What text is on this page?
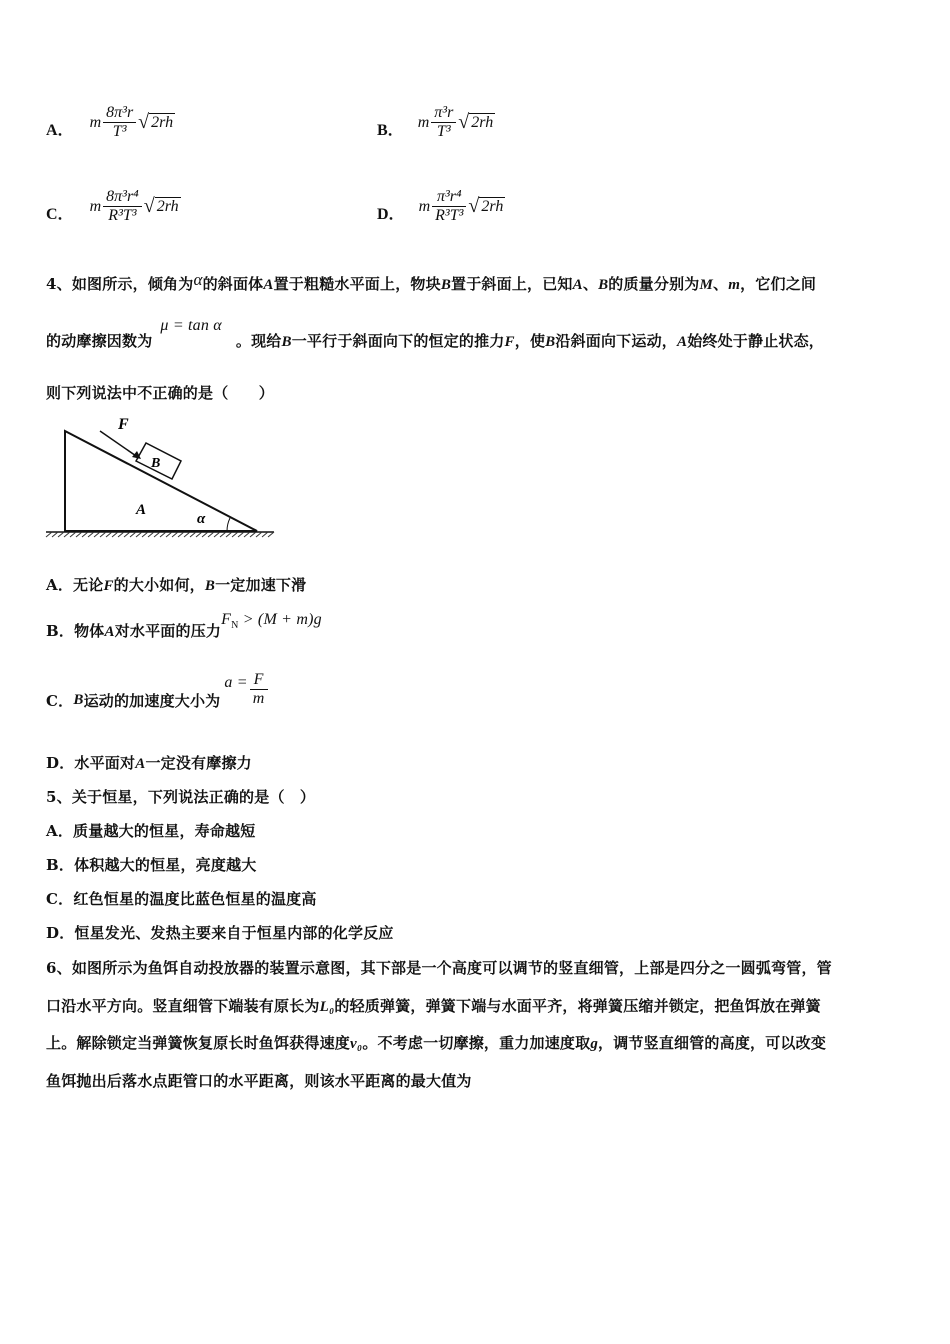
A． m $\frac{\text{8π³r}}{\text{T³}}$ √ 2rh	B． m $\frac{\text{π³r}}{\text{T³}}$ √ 2rh
C． m $\frac{\text{8π³r⁴}}{\text{R³T³}}$ √ 2rh	D． m $\frac{\text{π³r⁴}}{\text{R³T³}}$ √ 2rh
4、如图所示，倾角为α的斜面体A置于粗糙水平面上，物块B置于斜面上，已知A、B的质量分别为M、m，它们之间
的动摩擦因数为μ = tan α。现给B一平行于斜面向下的恒定的推力F，使B沿斜面向下运动，A始终处于静止状态，
则下列说法中不正确的是（　　）
F
B
A
α
A．无论F的大小如何，B一定加速下滑
B．物体A对水平面的压力$F_N > (M + m)g$
C． B 运动的加速度大小为
$a = \frac{F}{m}$
D．水平面对A一定没有摩擦力
5、关于恒星，下列说法正确的是（　）
A．质量越大的恒星，寿命越短
B．体积越大的恒星，亮度越大
C．红色恒星的温度比蓝色恒星的温度高
D．恒星发光、发热主要来自于恒星内部的化学反应
6、如图所示为鱼饵自动投放器的装置示意图，其下部是一个高度可以调节的竖直细管，上部是四分之一圆弧弯管，管
口沿水平方向。竖直细管下端装有原长为L₀的轻质弹簧，弹簧下端与水面平齐，将弹簧压缩并锁定，把鱼饵放在弹簧
上。解除锁定当弹簧恢复原长时鱼饵获得速度v₀。不考虑一切摩擦，重力加速度取g，调节竖直细管的高度，可以改变
鱼饵抛出后落水点距管口的水平距离，则该水平距离的最大值为
